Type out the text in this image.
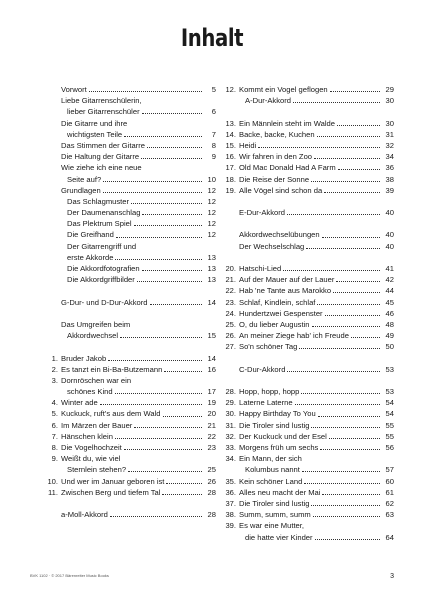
Inhalt
Vorwort	5
Liebe Gitarrenschülerin,
lieber Gitarrenschüler	6
Die Gitarre und ihre
wichtigsten Teile	7
Das Stimmen der Gitarre	8
Die Haltung der Gitarre	9
Wie ziehe ich eine neue
Seite auf?	10
Grundlagen	12
Das Schlagmuster	12
Der Daumenanschlag	12
Das Plektrum Spiel	12
Die Greifhand	12
Der Gitarrengriff und
erste Akkorde	13
Die Akkordfotografien	13
Die Akkordgriffbilder	13
G-Dur- und D-Dur-Akkord	14
Das Umgreifen beim
Akkordwechsel	15
1. Bruder Jakob	14
2. Es tanzt ein Bi-Ba-Butzemann	16
3. Dornröschen war ein
schönes Kind	17
4. Winter ade	19
5. Kuckuck, ruft's aus dem Wald	20
6. Im Märzen der Bauer	21
7. Hänschen klein	22
8. Die Vogelhochzeit	23
9. Weißt du, wie viel
Sternlein stehen?	25
10. Und wer im Januar geboren ist	26
11. Zwischen Berg und tiefem Tal	28
a-Moll-Akkord	28
12. Kommt ein Vogel geflogen	29
A-Dur-Akkord	30
13. Ein Männlein steht im Walde	30
14. Backe, backe, Kuchen	31
15. Heidi	32
16. Wir fahren in den Zoo	34
17. Old Mac Donald Had A Farm	36
18. Die Reise der Sonne	38
19. Alle Vögel sind schon da	39
E-Dur-Akkord	40
Akkordwechselübungen	40
Der Wechselschlag	40
20. Hatschi-Lied	41
21. Auf der Mauer auf der Lauer	42
22. Hab 'ne Tante aus Marokko	44
23. Schlaf, Kindlein, schlaf	45
24. Hundertzwei Gespenster	46
25. O, du lieber Augustin	48
26. An meiner Ziege hab' ich Freude	49
27. So'n schöner Tag	50
C-Dur-Akkord	53
28. Hopp, hopp, hopp	53
29. Laterne Laterne	54
30. Happy Birthday To You	54
31. Die Tiroler sind lustig	55
32. Der Kuckuck und der Esel	55
33. Morgens früh um sechs	56
34. Ein Mann, der sich
Kolumbus nannt	57
35. Kein schöner Land	60
36. Alles neu macht der Mai	61
37. Die Tiroler sind lustig	62
38. Summ, summ, summ	63
39. Es war eine Mutter,
die hatte vier Kinder	64
BVK 1102 · © 2017 Bärenreiter Music Books	3
